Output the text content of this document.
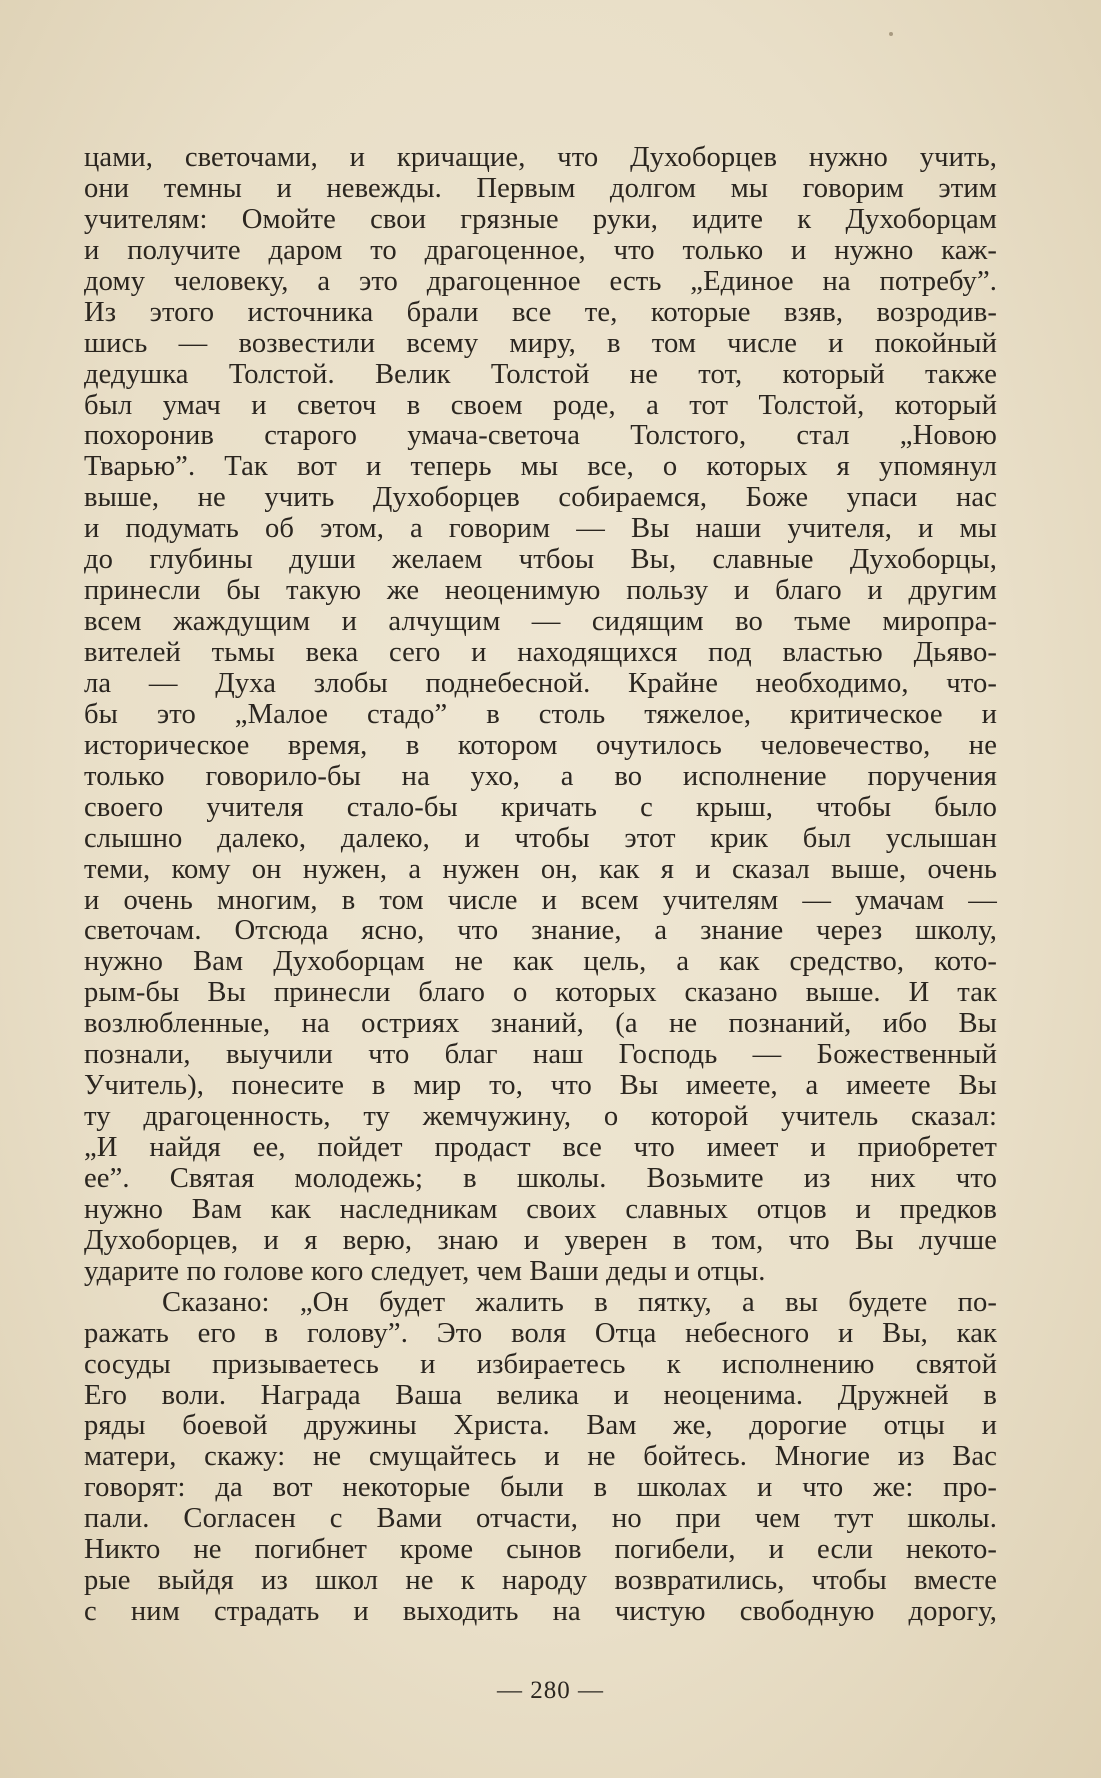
цами, светочами, и кричащие, что Духоборцев нужно учить,
они темны и невежды. Первым долгом мы говорим этим
учителям: Омойте свои грязные руки, идите к Духоборцам
и получите даром то драгоценное, что только и нужно каж-
дому человеку, а это драгоценное есть „Единое на потребу”.
Из этого источника брали все те, которые взяв, возродив-
шись — возвестили всему миру, в том числе и покойный
дедушка Толстой. Велик Толстой не тот, который также
был умач и светоч в своем роде, а тот Толстой, который
похоронив старого умача-светоча Толстого, стал „Новою
Тварью”. Так вот и теперь мы все, о которых я упомянул
выше, не учить Духоборцев собираемся, Боже упаси нас
и подумать об этом, а говорим — Вы наши учителя, и мы
до глубины души желаем чтбоы Вы, славные Духоборцы,
принесли бы такую же неоценимую пользу и благо и другим
всем жаждущим и алчущим — сидящим во тьме миропра-
вителей тьмы века сего и находящихся под властью Дьяво-
ла — Духа злобы поднебесной. Крайне необходимо, что-
бы это „Малое стадо” в столь тяжелое, критическое и
историческое время, в котором очутилось человечество, не
только говорило-бы на ухо, а во исполнение поручения
своего учителя стало-бы кричать с крыш, чтобы было
слышно далеко, далеко, и чтобы этот крик был услышан
теми, кому он нужен, а нужен он, как я и сказал выше, очень
и очень многим, в том числе и всем учителям — умачам —
светочам. Отсюда ясно, что знание, а знание через школу,
нужно Вам Духоборцам не как цель, а как средство, кото-
рым-бы Вы принесли благо о которых сказано выше. И так
возлюбленные, на остриях знаний, (а не познаний, ибо Вы
познали, выучили что благ наш Господь — Божественный
Учитель), понесите в мир то, что Вы имеете, а имеете Вы
ту драгоценность, ту жемчужину, о которой учитель сказал:
„И найдя ее, пойдет продаст все что имеет и приобретет
ее”. Святая молодежь; в школы. Возьмите из них что
нужно Вам как наследникам своих славных отцов и предков
Духоборцев, и я верю, знаю и уверен в том, что Вы лучше
ударите по голове кого следует, чем Ваши деды и отцы.
Сказано: „Он будет жалить в пятку, а вы будете по-
ражать его в голову”. Это воля Отца небесного и Вы, как
сосуды призываетесь и избираетесь к исполнению святой
Его воли. Награда Ваша велика и неоценима. Дружней в
ряды боевой дружины Христа. Вам же, дорогие отцы и
матери, скажу: не смущайтесь и не бойтесь. Многие из Вас
говорят: да вот некоторые были в школах и что же: про-
пали. Согласен с Вами отчасти, но при чем тут школы.
Никто не погибнет кроме сынов погибели, и если некото-
рые выйдя из школ не к народу возвратились, чтобы вместе
с ним страдать и выходить на чистую свободную дорогу,
— 280 —
